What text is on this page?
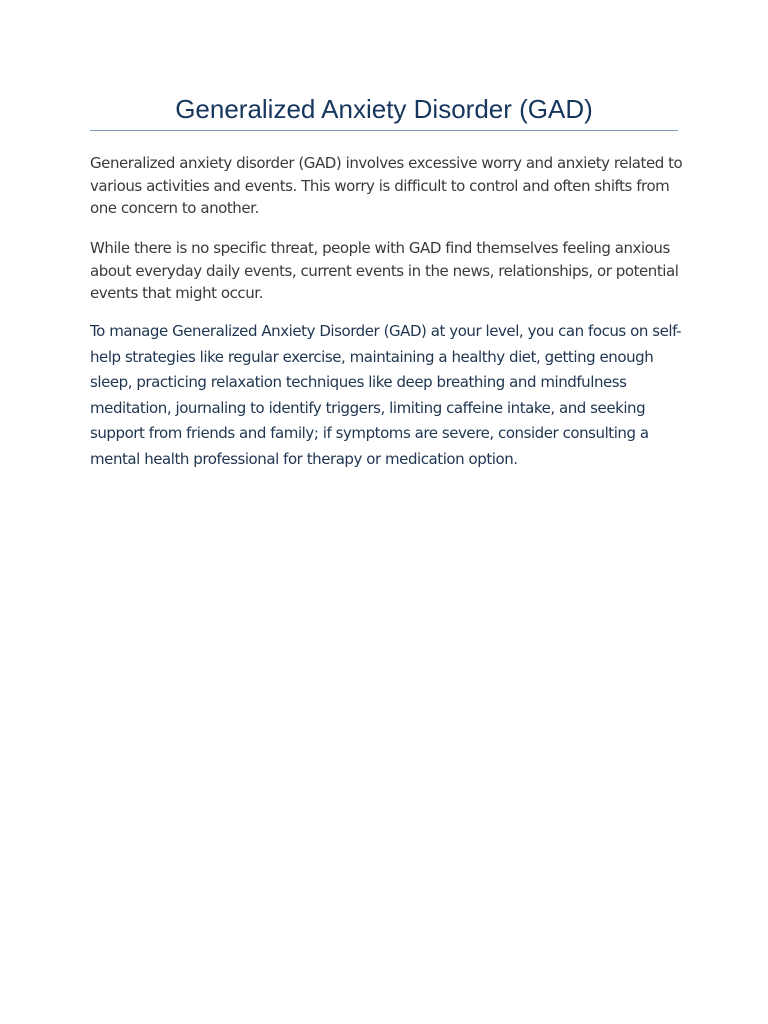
Generalized Anxiety Disorder (GAD)

Generalized anxiety disorder (GAD) involves excessive worry and anxiety related to various activities and events. This worry is difficult to control and often shifts from one concern to another.

While there is no specific threat, people with GAD find themselves feeling anxious about everyday daily events, current events in the news, relationships, or potential events that might occur.

To manage Generalized Anxiety Disorder (GAD) at your level, you can focus on self-help strategies like regular exercise, maintaining a healthy diet, getting enough sleep, practicing relaxation techniques like deep breathing and mindfulness meditation, journaling to identify triggers, limiting caffeine intake, and seeking support from friends and family; if symptoms are severe, consider consulting a mental health professional for therapy or medication option.
